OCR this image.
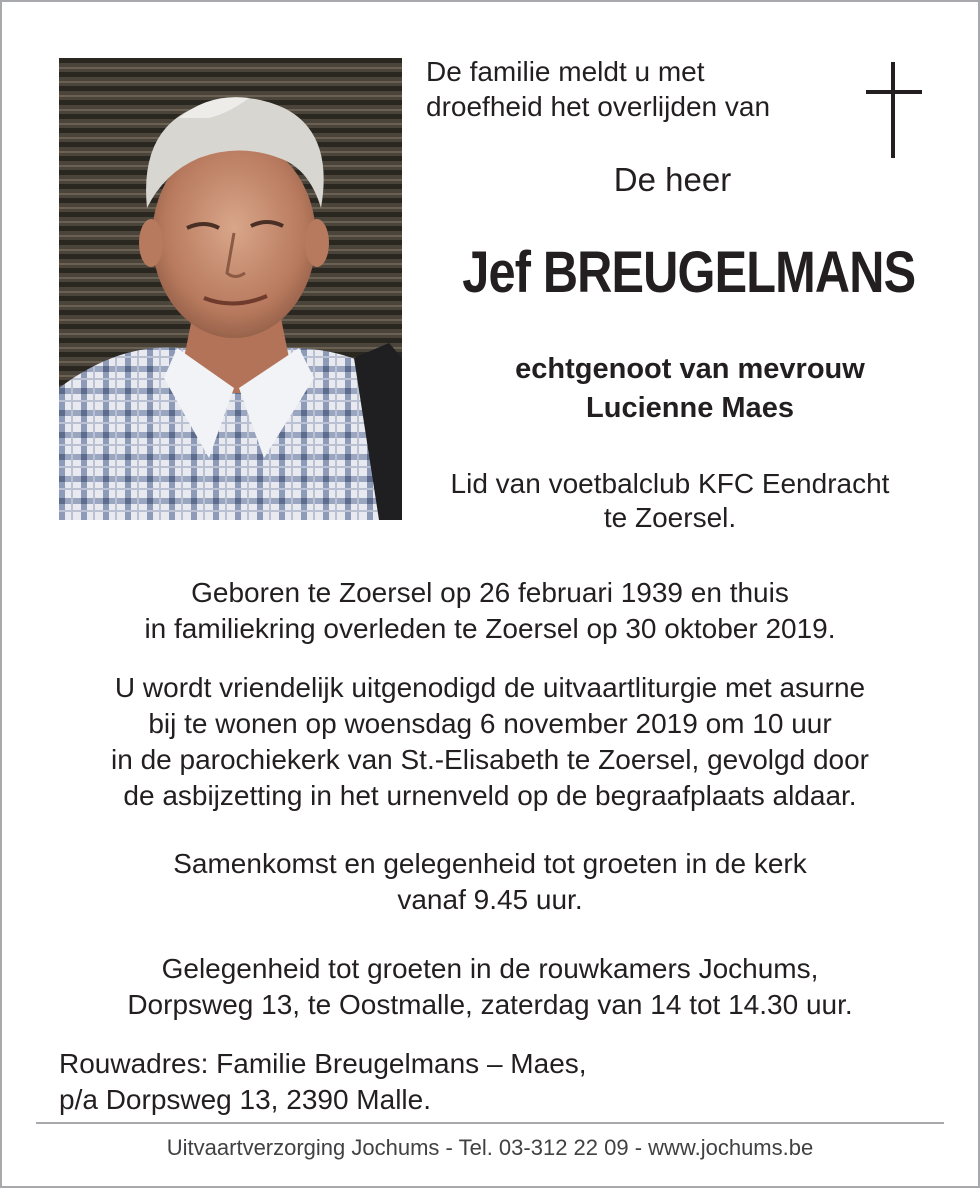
De familie meldt u met
droefheid het overlijden van
De heer
Jef BREUGELMANS
echtgenoot van mevrouw
Lucienne Maes
Lid van voetbalclub KFC Eendracht
te Zoersel.
Geboren te Zoersel op 26 februari 1939 en thuis
in familiekring overleden te Zoersel op 30 oktober 2019.
U wordt vriendelijk uitgenodigd de uitvaartliturgie met asurne
bij te wonen op woensdag 6 november 2019 om 10 uur
in de parochiekerk van St.-Elisabeth te Zoersel, gevolgd door
de asbijzetting in het urnenveld op de begraafplaats aldaar.
Samenkomst en gelegenheid tot groeten in de kerk
vanaf 9.45 uur.
Gelegenheid tot groeten in de rouwkamers Jochums,
Dorpsweg 13, te Oostmalle, zaterdag van 14 tot 14.30 uur.
Rouwadres: Familie Breugelmans – Maes,
p/a Dorpsweg 13, 2390 Malle.
Uitvaartverzorging Jochums - Tel. 03-312 22 09 - www.jochums.be
